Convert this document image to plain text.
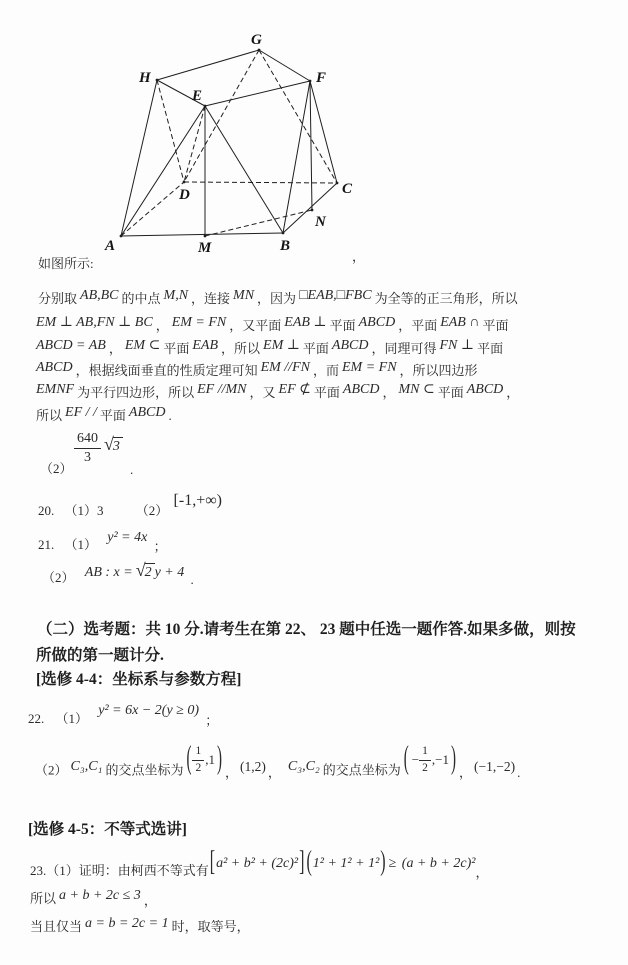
G
H	F
E
D	C
N
A	M	B
如图所示:	，
分别取 AB,BC 的中点 M,N ，连接 MN ，因为 □EAB,□FBC 为全等的正三角形，所以
EM ⊥ AB,FN ⊥ BC ， EM = FN ，又平面 EAB ⊥ 平面 ABCD ，平面 EAB ∩ 平面
ABCD = AB ， EM ⊂ 平面 EAB ，所以 EM ⊥ 平面 ABCD ，同理可得 FN ⊥ 平面
ABCD ，根据线面垂直的性质定理可知 EM //FN ，而 EM = FN ，所以四边形
EMNF 为平行四边形，所以 EF //MN ，又 EF ⊄ 平面 ABCD ， MN ⊂ 平面 ABCD ，
所以 EF / / 平面 ABCD .
（2）
$\frac{640}{3}$ √ 3
.
20. （1）3 （2） [-1,+∞)
21. （1） y² = 4x ；
（2） AB : x = √ 2 y + 4 .
（二）选考题：共 10 分.请考生在第 22、 23 题中任选一题作答.如果多做，则按
所做的第一题计分.
[选修 4-4：坐标系与参数方程]
22. （1） y² = 6x − 2(y ≥ 0) ；
（2） C₃,C₁ 的交点坐标为 ( $\frac{1}{2} ,1$ ) ， (1,2) ， C₃,C₂ 的交点坐标为 ( − $\frac{1}{2} ,-1$ ) ， (−1,−2) .
[选修 4-5：不等式选讲]
23.（1）证明：由柯西不等式有[a² + b² + (2c)²] (1² + 1² + 1²) ≥ (a + b + 2c)²，
所以 a + b + 2c ≤ 3 ，
当且仅当 a = b = 2c = 1 时，取等号，
